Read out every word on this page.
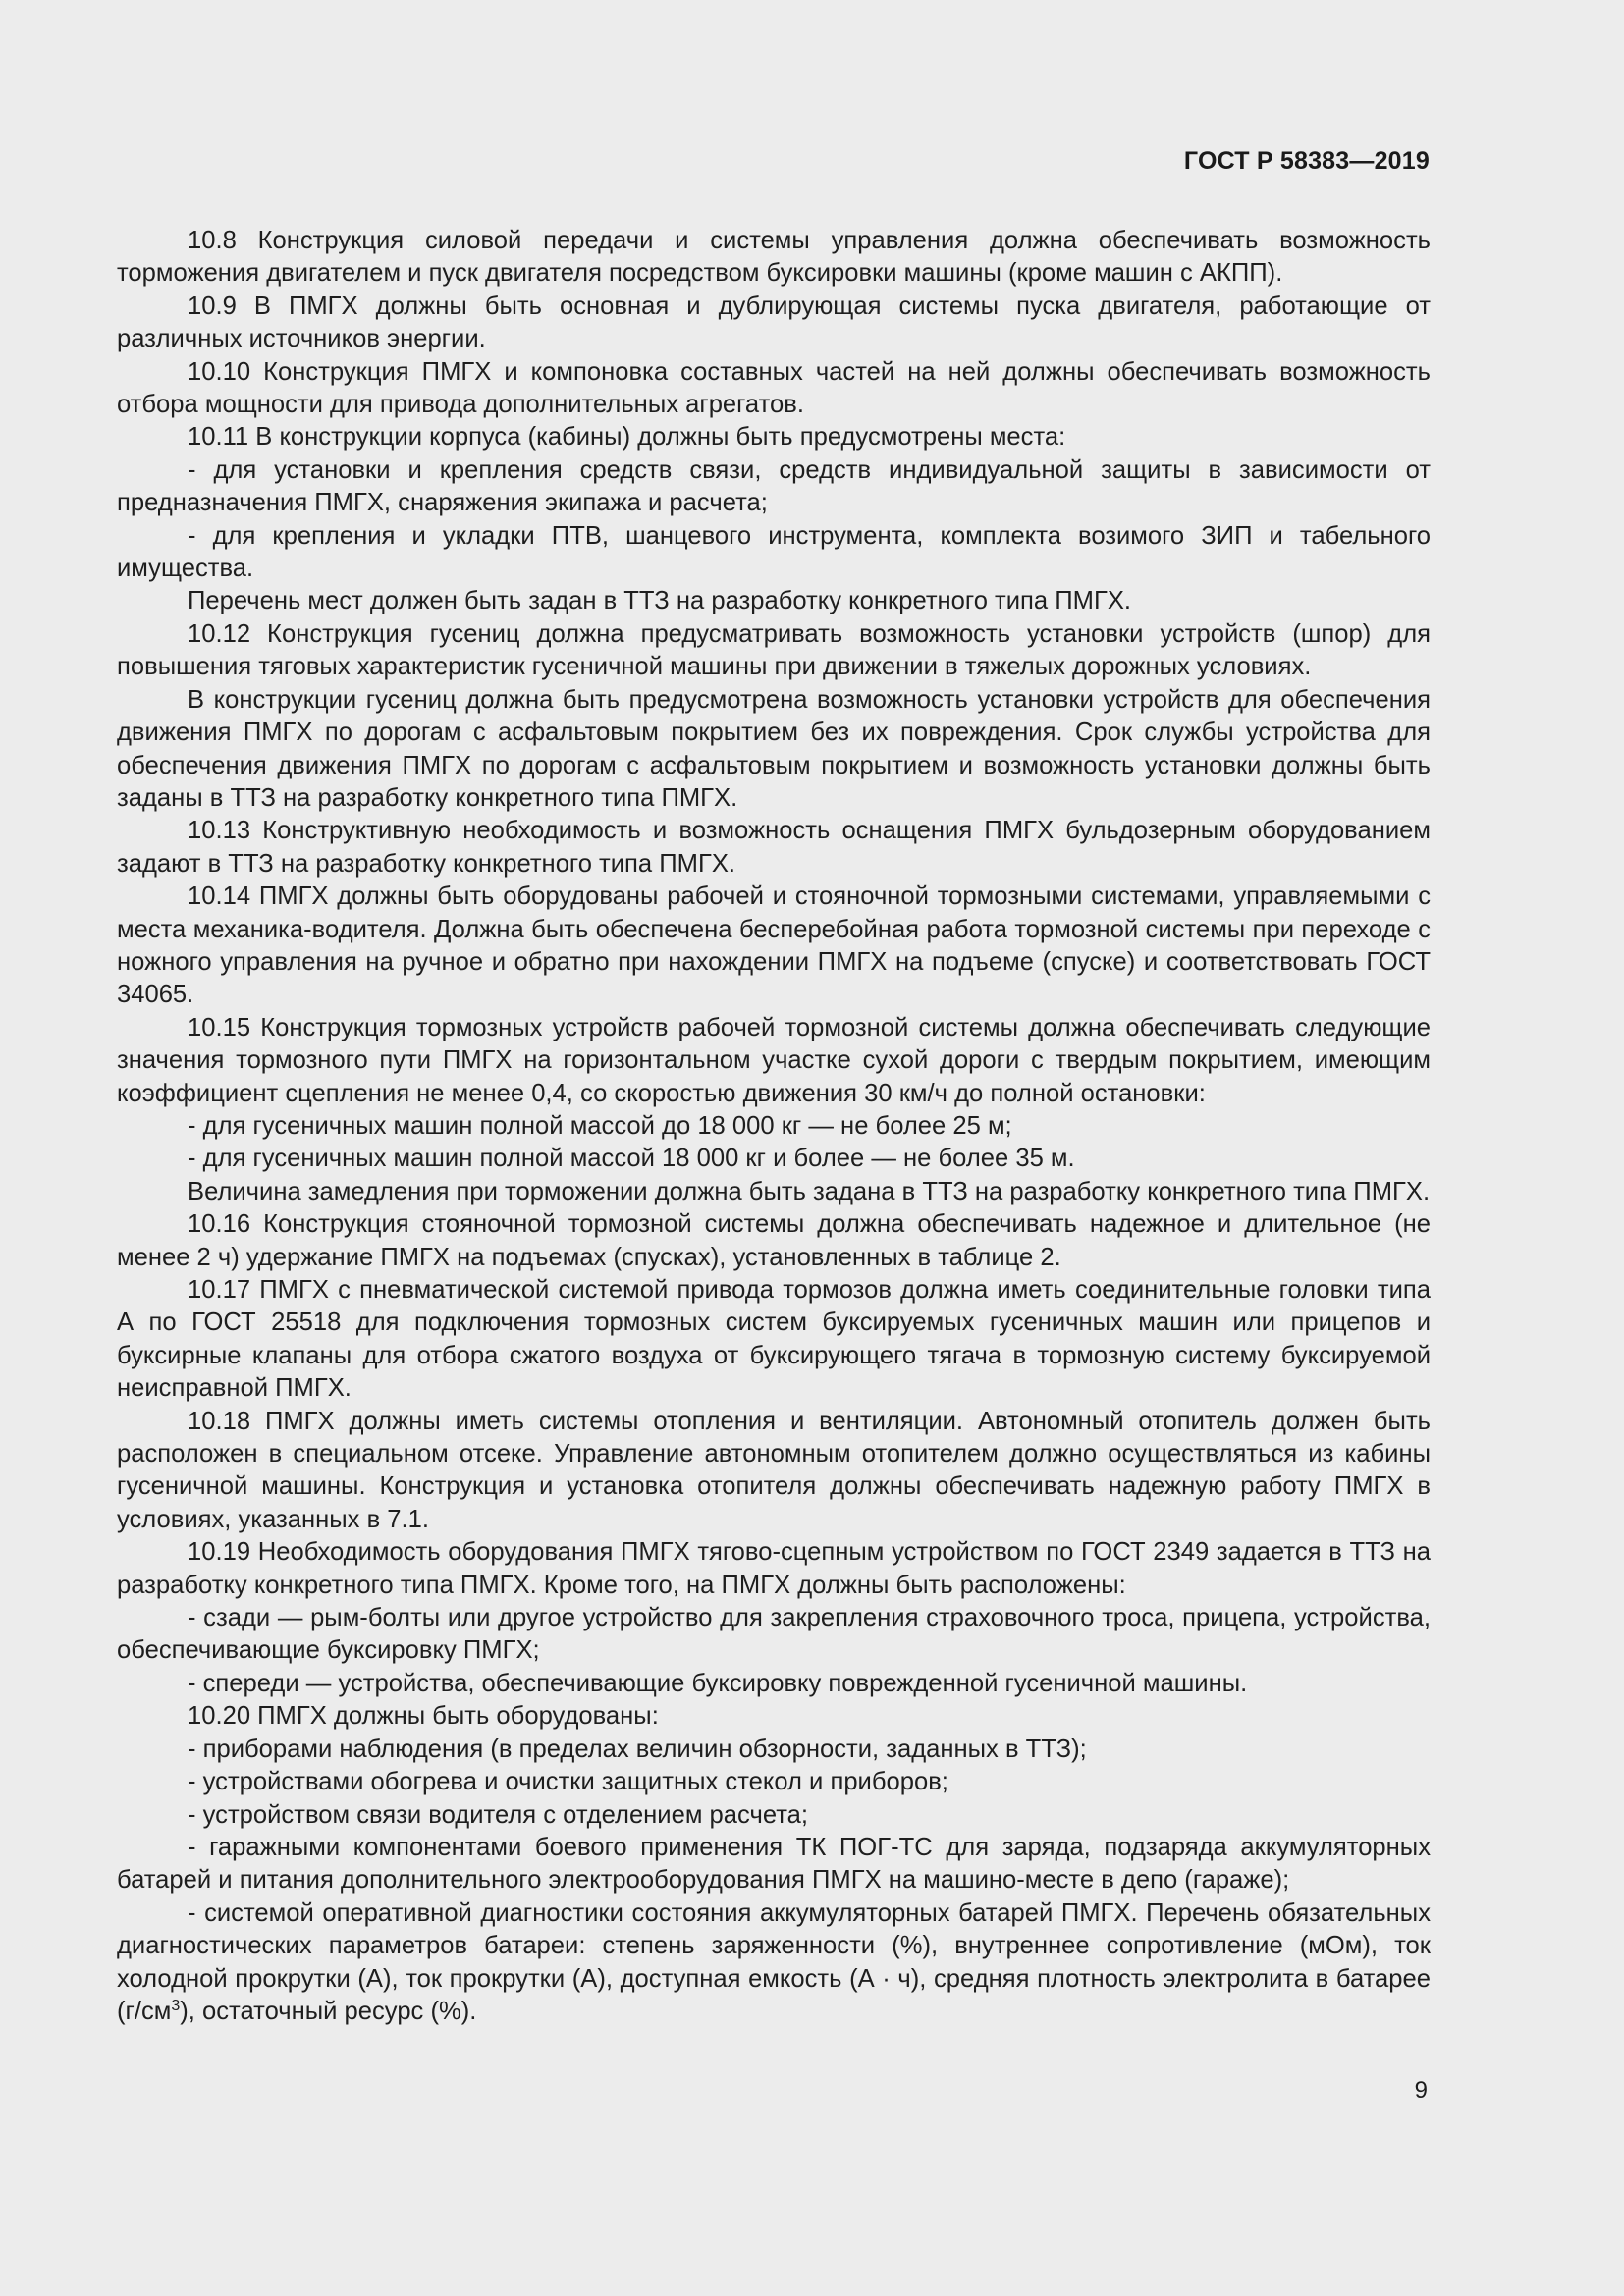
ГОСТ Р 58383—2019

10.8 Конструкция силовой передачи и системы управления должна обеспечивать возможность торможения двигателем и пуск двигателя посредством буксировки машины (кроме машин с АКПП).

10.9 В ПМГХ должны быть основная и дублирующая системы пуска двигателя, работающие от различных источников энергии.

10.10 Конструкция ПМГХ и компоновка составных частей на ней должны обеспечивать возможность отбора мощности для привода дополнительных агрегатов.

10.11 В конструкции корпуса (кабины) должны быть предусмотрены места:

- для установки и крепления средств связи, средств индивидуальной защиты в зависимости от предназначения ПМГХ, снаряжения экипажа и расчета;

- для крепления и укладки ПТВ, шанцевого инструмента, комплекта возимого ЗИП и табельного имущества.

Перечень мест должен быть задан в ТТЗ на разработку конкретного типа ПМГХ.

10.12 Конструкция гусениц должна предусматривать возможность установки устройств (шпор) для повышения тяговых характеристик гусеничной машины при движении в тяжелых дорожных условиях.

В конструкции гусениц должна быть предусмотрена возможность установки устройств для обеспечения движения ПМГХ по дорогам с асфальтовым покрытием без их повреждения. Срок службы устройства для обеспечения движения ПМГХ по дорогам с асфальтовым покрытием и возможность установки должны быть заданы в ТТЗ на разработку конкретного типа ПМГХ.

10.13 Конструктивную необходимость и возможность оснащения ПМГХ бульдозерным оборудованием задают в ТТЗ на разработку конкретного типа ПМГХ.

10.14 ПМГХ должны быть оборудованы рабочей и стояночной тормозными системами, управляемыми с места механика-водителя. Должна быть обеспечена бесперебойная работа тормозной системы при переходе с ножного управления на ручное и обратно при нахождении ПМГХ на подъеме (спуске) и соответствовать ГОСТ 34065.

10.15 Конструкция тормозных устройств рабочей тормозной системы должна обеспечивать следующие значения тормозного пути ПМГХ на горизонтальном участке сухой дороги с твердым покрытием, имеющим коэффициент сцепления не менее 0,4, со скоростью движения 30 км/ч до полной остановки:

- для гусеничных машин полной массой до 18 000 кг — не более 25 м;

- для гусеничных машин полной массой 18 000 кг и более — не более 35 м.

Величина замедления при торможении должна быть задана в ТТЗ на разработку конкретного типа ПМГХ.

10.16 Конструкция стояночной тормозной системы должна обеспечивать надежное и длительное (не менее 2 ч) удержание ПМГХ на подъемах (спусках), установленных в таблице 2.

10.17 ПМГХ с пневматической системой привода тормозов должна иметь соединительные головки типа А по ГОСТ 25518 для подключения тормозных систем буксируемых гусеничных машин или прицепов и буксирные клапаны для отбора сжатого воздуха от буксирующего тягача в тормозную систему буксируемой неисправной ПМГХ.

10.18 ПМГХ должны иметь системы отопления и вентиляции. Автономный отопитель должен быть расположен в специальном отсеке. Управление автономным отопителем должно осуществляться из кабины гусеничной машины. Конструкция и установка отопителя должны обеспечивать надежную работу ПМГХ в условиях, указанных в 7.1.

10.19 Необходимость оборудования ПМГХ тягово-сцепным устройством по ГОСТ 2349 задается в ТТЗ на разработку конкретного типа ПМГХ. Кроме того, на ПМГХ должны быть расположены:

- сзади — рым-болты или другое устройство для закрепления страховочного троса, прицепа, устройства, обеспечивающие буксировку ПМГХ;

- спереди — устройства, обеспечивающие буксировку поврежденной гусеничной машины.

10.20 ПМГХ должны быть оборудованы:

- приборами наблюдения (в пределах величин обзорности, заданных в ТТЗ);

- устройствами обогрева и очистки защитных стекол и приборов;

- устройством связи водителя с отделением расчета;

- гаражными компонентами боевого применения ТК ПОГ-ТС для заряда, подзаряда аккумуляторных батарей и питания дополнительного электрооборудования ПМГХ на машино-месте в депо (гараже);

- системой оперативной диагностики состояния аккумуляторных батарей ПМГХ. Перечень обязательных диагностических параметров батареи: степень заряженности (%), внутреннее сопротивление (мОм), ток холодной прокрутки (А), ток прокрутки (А), доступная емкость (А · ч), средняя плотность электролита в батарее $(г/см^3)$, остаточный ресурс (%).

9
